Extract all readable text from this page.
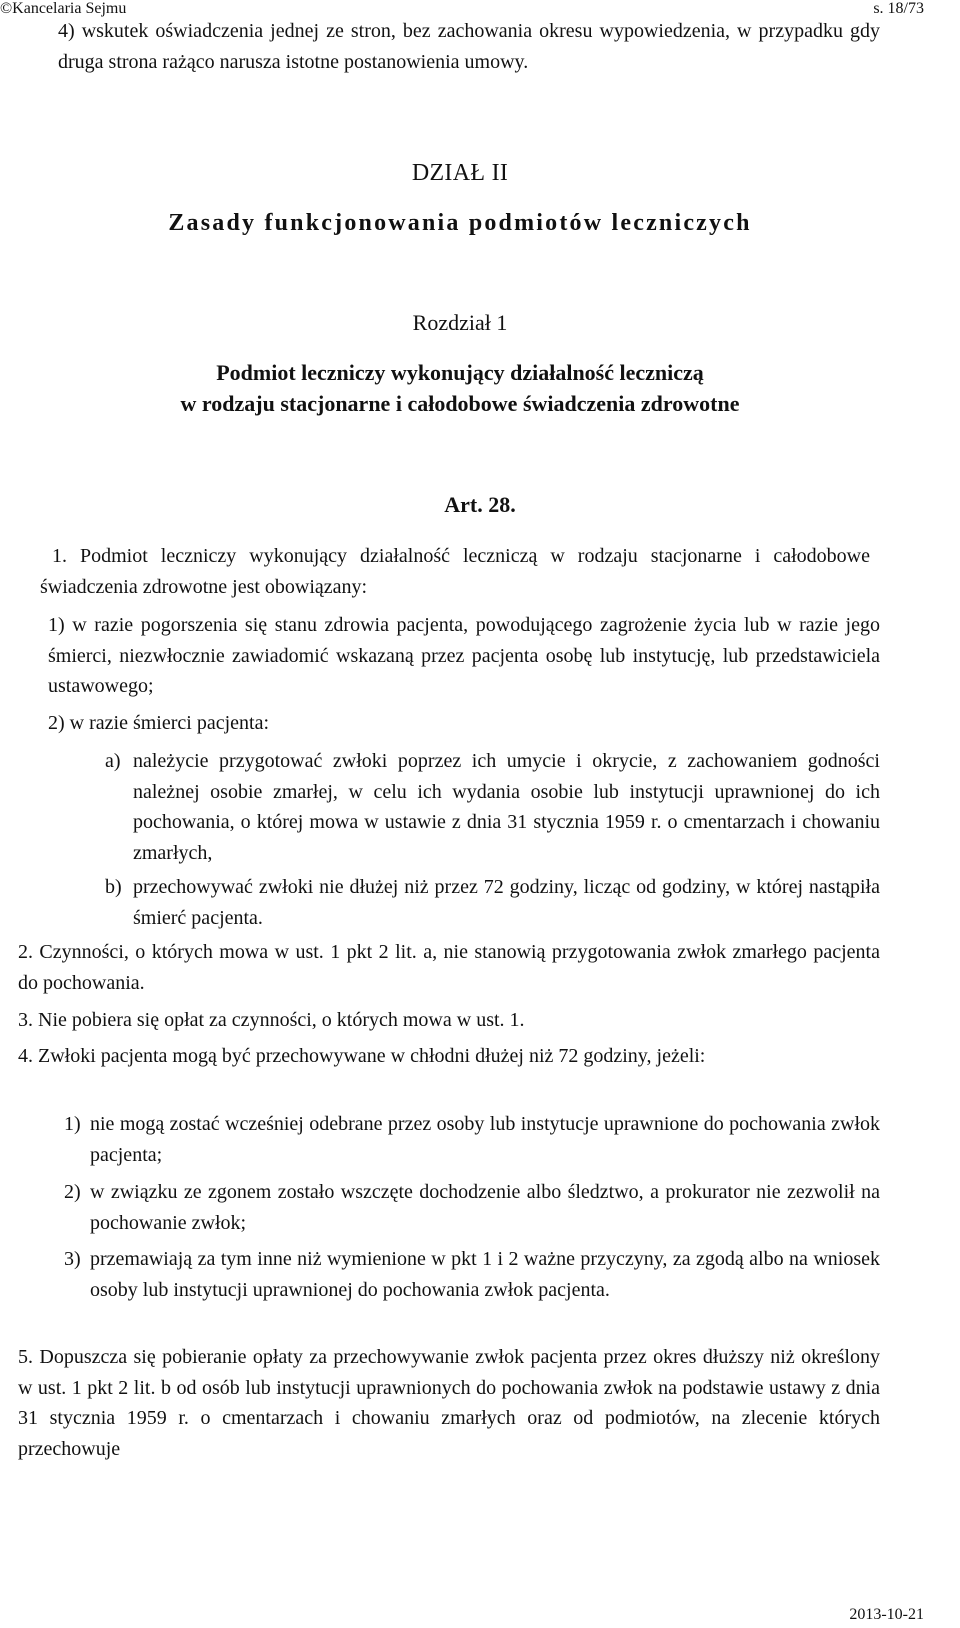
©Kancelaria Sejmu	s. 18/73

4) wskutek oświadczenia jednej ze stron, bez zachowania okresu wypowiedzenia, w przypadku gdy druga strona rażąco narusza istotne postanowienia umowy.

DZIAŁ II
Zasady funkcjonowania podmiotów leczniczych
Rozdział 1
Podmiot leczniczy wykonujący działalność leczniczą
w rodzaju stacjonarne i całodobowe świadczenia zdrowotne
Art. 28.
1. Podmiot leczniczy wykonujący działalność leczniczą w rodzaju stacjonarne i całodobowe świadczenia zdrowotne jest obowiązany:
1) w razie pogorszenia się stanu zdrowia pacjenta, powodującego zagrożenie życia lub w razie jego śmierci, niezwłocznie zawiadomić wskazaną przez pacjenta osobę lub instytucję, lub przedstawiciela ustawowego;
2) w razie śmierci pacjenta:
a) należycie przygotować zwłoki poprzez ich umycie i okrycie, z zachowaniem godności należnej osobie zmarłej, w celu ich wydania osobie lub instytucji uprawnionej do ich pochowania, o której mowa w ustawie z dnia 31 stycznia 1959 r. o cmentarzach i chowaniu zmarłych,
b) przechowywać zwłoki nie dłużej niż przez 72 godziny, licząc od godziny, w której nastąpiła śmierć pacjenta.
2. Czynności, o których mowa w ust. 1 pkt 2 lit. a, nie stanowią przygotowania zwłok zmarłego pacjenta do pochowania.
3. Nie pobiera się opłat za czynności, o których mowa w ust. 1.
4. Zwłoki pacjenta mogą być przechowywane w chłodni dłużej niż 72 godziny, jeżeli:
1) nie mogą zostać wcześniej odebrane przez osoby lub instytucje uprawnione do pochowania zwłok pacjenta;
2) w związku ze zgonem zostało wszczęte dochodzenie albo śledztwo, a prokurator nie zezwolił na pochowanie zwłok;
3) przemawiają za tym inne niż wymienione w pkt 1 i 2 ważne przyczyny, za zgodą albo na wniosek osoby lub instytucji uprawnionej do pochowania zwłok pacjenta.
5. Dopuszcza się pobieranie opłaty za przechowywanie zwłok pacjenta przez okres dłuższy niż określony w ust. 1 pkt 2 lit. b od osób lub instytucji uprawnionych do pochowania zwłok na podstawie ustawy z dnia 31 stycznia 1959 r. o cmentarzach i chowaniu zmarłych oraz od podmiotów, na zlecenie których przechowuje
2013-10-21
